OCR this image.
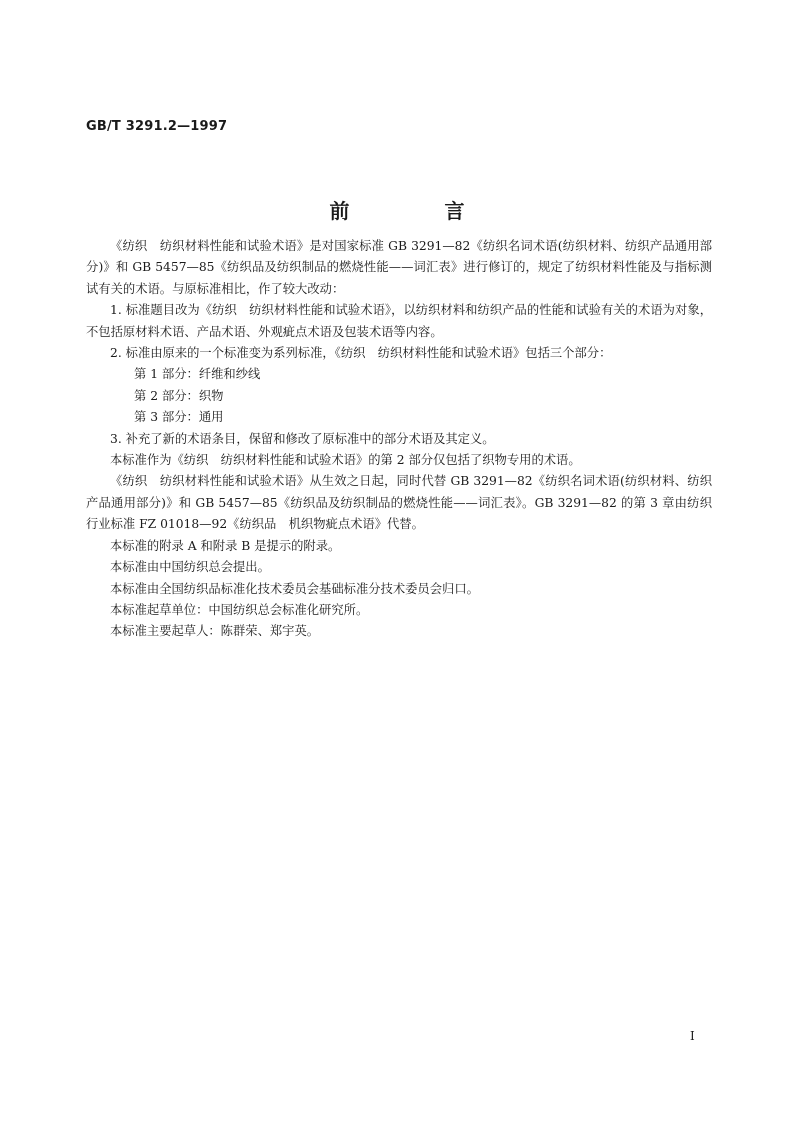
GB/T 3291.2—1997
前 言

《纺织　纺织材料性能和试验术语》是对国家标准 GB 3291—82《纺织名词术语(纺织材料、纺织产品通用部分)》和 GB 5457—85《纺织品及纺织制品的燃烧性能——词汇表》进行修订的，规定了纺织材料性能及与指标测试有关的术语。与原标准相比，作了较大改动：

1. 标准题目改为《纺织　纺织材料性能和试验术语》，以纺织材料和纺织产品的性能和试验有关的术语为对象，不包括原材料术语、产品术语、外观疵点术语及包装术语等内容。

2. 标准由原来的一个标准变为系列标准，《纺织　纺织材料性能和试验术语》包括三个部分：

第 1 部分：纤维和纱线

第 2 部分：织物

第 3 部分：通用

3. 补充了新的术语条目，保留和修改了原标准中的部分术语及其定义。

本标准作为《纺织　纺织材料性能和试验术语》的第 2 部分仅包括了织物专用的术语。

《纺织　纺织材料性能和试验术语》从生效之日起，同时代替 GB 3291—82《纺织名词术语(纺织材料、纺织产品通用部分)》和 GB 5457—85《纺织品及纺织制品的燃烧性能——词汇表》。GB 3291—82 的第 3 章由纺织行业标准 FZ 01018—92《纺织品　机织物疵点术语》代替。

本标准的附录 A 和附录 B 是提示的附录。

本标准由中国纺织总会提出。

本标准由全国纺织品标准化技术委员会基础标准分技术委员会归口。

本标准起草单位：中国纺织总会标准化研究所。

本标准主要起草人：陈群荣、郑宇英。

I
